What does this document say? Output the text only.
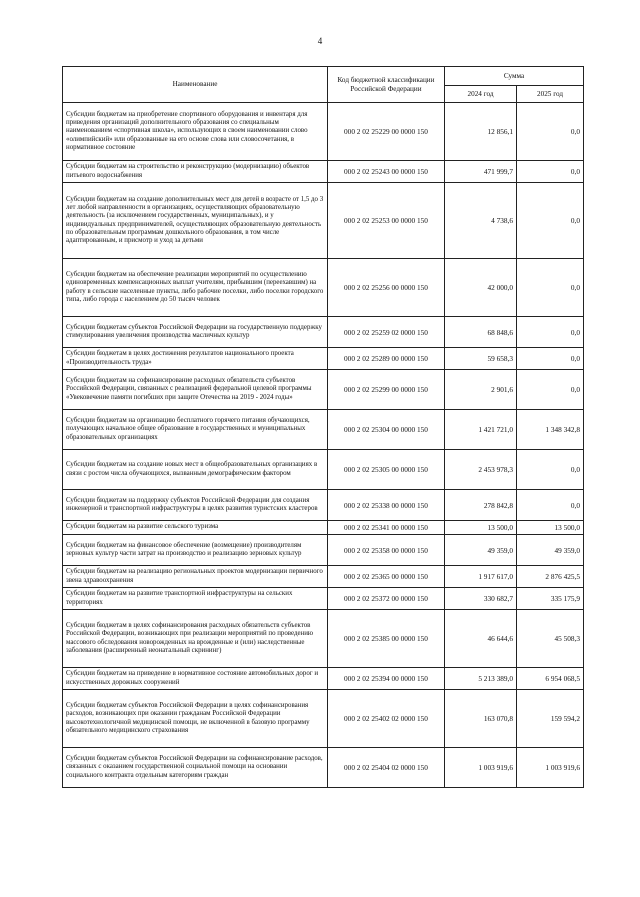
4
Наименование	Код бюджетной классификации Российской Федерации	Сумма	
		2024 год	2025 год
Субсидии бюджетам на приобретение спортивного оборудования и инвентаря для приведения организаций дополнительного образования со специальным наименованием «спортивная школа», использующих в своем наименовании слово «олимпийский» или образованные на его основе слова или словосочетания, в нормативное состояние	000 2 02 25229 00 0000 150	12 856,1	0,0
Субсидии бюджетам на строительство и реконструкцию (модернизацию) объектов питьевого водоснабжения	000 2 02 25243 00 0000 150	471 999,7	0,0
Субсидии бюджетам на создание дополнительных мест для детей в возрасте от 1,5 до 3 лет любой направленности в организациях, осуществляющих образовательную деятельность (за исключением государственных, муниципальных), и у индивидуальных предпринимателей, осуществляющих образовательную деятельность по образовательным программам дошкольного образования, в том числе адаптированным, и присмотр и уход за детьми	000 2 02 25253 00 0000 150	4 738,6	0,0
Субсидии бюджетам на обеспечение реализации мероприятий по осуществлению единовременных компенсационных выплат учителям, прибывшим (переехавшим) на работу в сельские населенные пункты, либо рабочие поселки, либо поселки городского типа, либо города с населением до 50 тысяч человек	000 2 02 25256 00 0000 150	42 000,0	0,0
Субсидии бюджетам субъектов Российской Федерации на государственную поддержку стимулирования увеличения производства масличных культур	000 2 02 25259 02 0000 150	68 848,6	0,0
Субсидии бюджетам в целях достижения результатов национального проекта «Производительность труда»	000 2 02 25289 00 0000 150	59 658,3	0,0
Субсидии бюджетам на софинансирование расходных обязательств субъектов Российской Федерации, связанных с реализацией федеральной целевой программы «Увековечение памяти погибших при защите Отечества на 2019 - 2024 годы»	000 2 02 25299 00 0000 150	2 901,6	0,0
Субсидии бюджетам на организацию бесплатного горячего питания обучающихся, получающих начальное общее образование в государственных и муниципальных образовательных организациях	000 2 02 25304 00 0000 150	1 421 721,0	1 348 342,8
Субсидии бюджетам на создание новых мест в общеобразовательных организациях в связи с ростом числа обучающихся, вызванным демографическим фактором	000 2 02 25305 00 0000 150	2 453 978,3	0,0
Субсидии бюджетам на поддержку субъектов Российской Федерации для создания инженерной и транспортной инфраструктуры в целях развития туристских кластеров	000 2 02 25338 00 0000 150	278 842,8	0,0
Субсидии бюджетам на развитие сельского туризма	000 2 02 25341 00 0000 150	13 500,0	13 500,0
Субсидии бюджетам на финансовое обеспечение (возмещение) производителям зерновых культур части затрат на производство и реализацию зерновых культур	000 2 02 25358 00 0000 150	49 359,0	49 359,0
Субсидии бюджетам на реализацию региональных проектов модернизации первичного звена здравоохранения	000 2 02 25365 00 0000 150	1 917 617,0	2 876 425,5
Субсидии бюджетам на развитие транспортной инфраструктуры на сельских территориях	000 2 02 25372 00 0000 150	330 682,7	335 175,9
Субсидии бюджетам в целях софинансирования расходных обязательств субъектов Российской Федерации, возникающих при реализации мероприятий по проведению массового обследования новорожденных на врожденные и (или) наследственные заболевания (расширенный неонатальный скрининг)	000 2 02 25385 00 0000 150	46 644,6	45 508,3
Субсидии бюджетам на приведение в нормативное состояние автомобильных дорог и искусственных дорожных сооружений	000 2 02 25394 00 0000 150	5 213 389,0	6 954 068,5
Субсидии бюджетам субъектов Российской Федерации в целях софинансирования расходов, возникающих при оказании гражданам Российской Федерации высокотехнологичной медицинской помощи, не включенной в базовую программу обязательного медицинского страхования	000 2 02 25402 02 0000 150	163 070,8	159 594,2
Субсидии бюджетам субъектов Российской Федерации на софинансирование расходов, связанных с оказанием государственной социальной помощи на основании социального контракта отдельным категориям граждан	000 2 02 25404 02 0000 150	1 003 919,6	1 003 919,6
